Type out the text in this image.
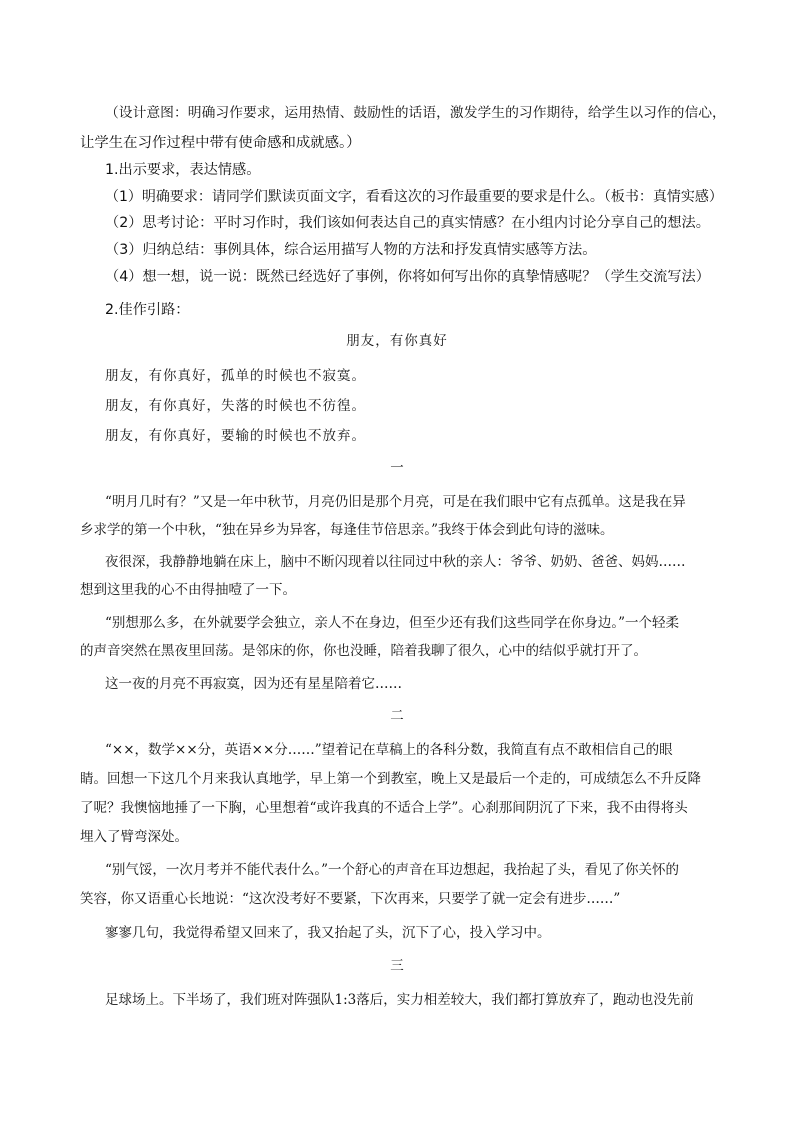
（设计意图：明确习作要求，运用热情、鼓励性的话语，激发学生的习作期待，给学生以习作的信心，
让学生在习作过程中带有使命感和成就感。）
1.出示要求，表达情感。
（1）明确要求：请同学们默读页面文字，看看这次的习作最重要的要求是什么。（板书：真情实感）
（2）思考讨论：平时习作时，我们该如何表达自己的真实情感？在小组内讨论分享自己的想法。
（3）归纳总结：事例具体，综合运用描写人物的方法和抒发真情实感等方法。
（4）想一想，说一说：既然已经选好了事例，你将如何写出你的真挚情感呢？（学生交流写法）
2.佳作引路：
朋友，有你真好
朋友，有你真好，孤单的时候也不寂寞。
朋友，有你真好，失落的时候也不彷徨。
朋友，有你真好，要输的时候也不放弃。
一
“明月几时有？”又是一年中秋节，月亮仍旧是那个月亮，可是在我们眼中它有点孤单。这是我在异
乡求学的第一个中秋，“独在异乡为异客，每逢佳节倍思亲。”我终于体会到此句诗的滋味。
夜很深，我静静地躺在床上，脑中不断闪现着以往同过中秋的亲人：爷爷、奶奶、爸爸、妈妈……
想到这里我的心不由得抽噎了一下。
“别想那么多，在外就要学会独立，亲人不在身边，但至少还有我们这些同学在你身边。”一个轻柔
的声音突然在黑夜里回荡。是邻床的你，你也没睡，陪着我聊了很久，心中的结似乎就打开了。
这一夜的月亮不再寂寞，因为还有星星陪着它……
二
“××，数学××分，英语××分……”望着记在草稿上的各科分数，我简直有点不敢相信自己的眼
睛。回想一下这几个月来我认真地学，早上第一个到教室，晚上又是最后一个走的，可成绩怎么不升反降
了呢？我懊恼地捶了一下胸，心里想着“或许我真的不适合上学”。心刹那间阴沉了下来，我不由得将头
埋入了臂弯深处。
“别气馁，一次月考并不能代表什么。”一个舒心的声音在耳边想起，我抬起了头，看见了你关怀的
笑容，你又语重心长地说：“这次没考好不要紧，下次再来，只要学了就一定会有进步……”
寥寥几句，我觉得希望又回来了，我又抬起了头，沉下了心，投入学习中。
三
足球场上。下半场了，我们班对阵强队1:3落后，实力相差较大，我们都打算放弃了，跑动也没先前
